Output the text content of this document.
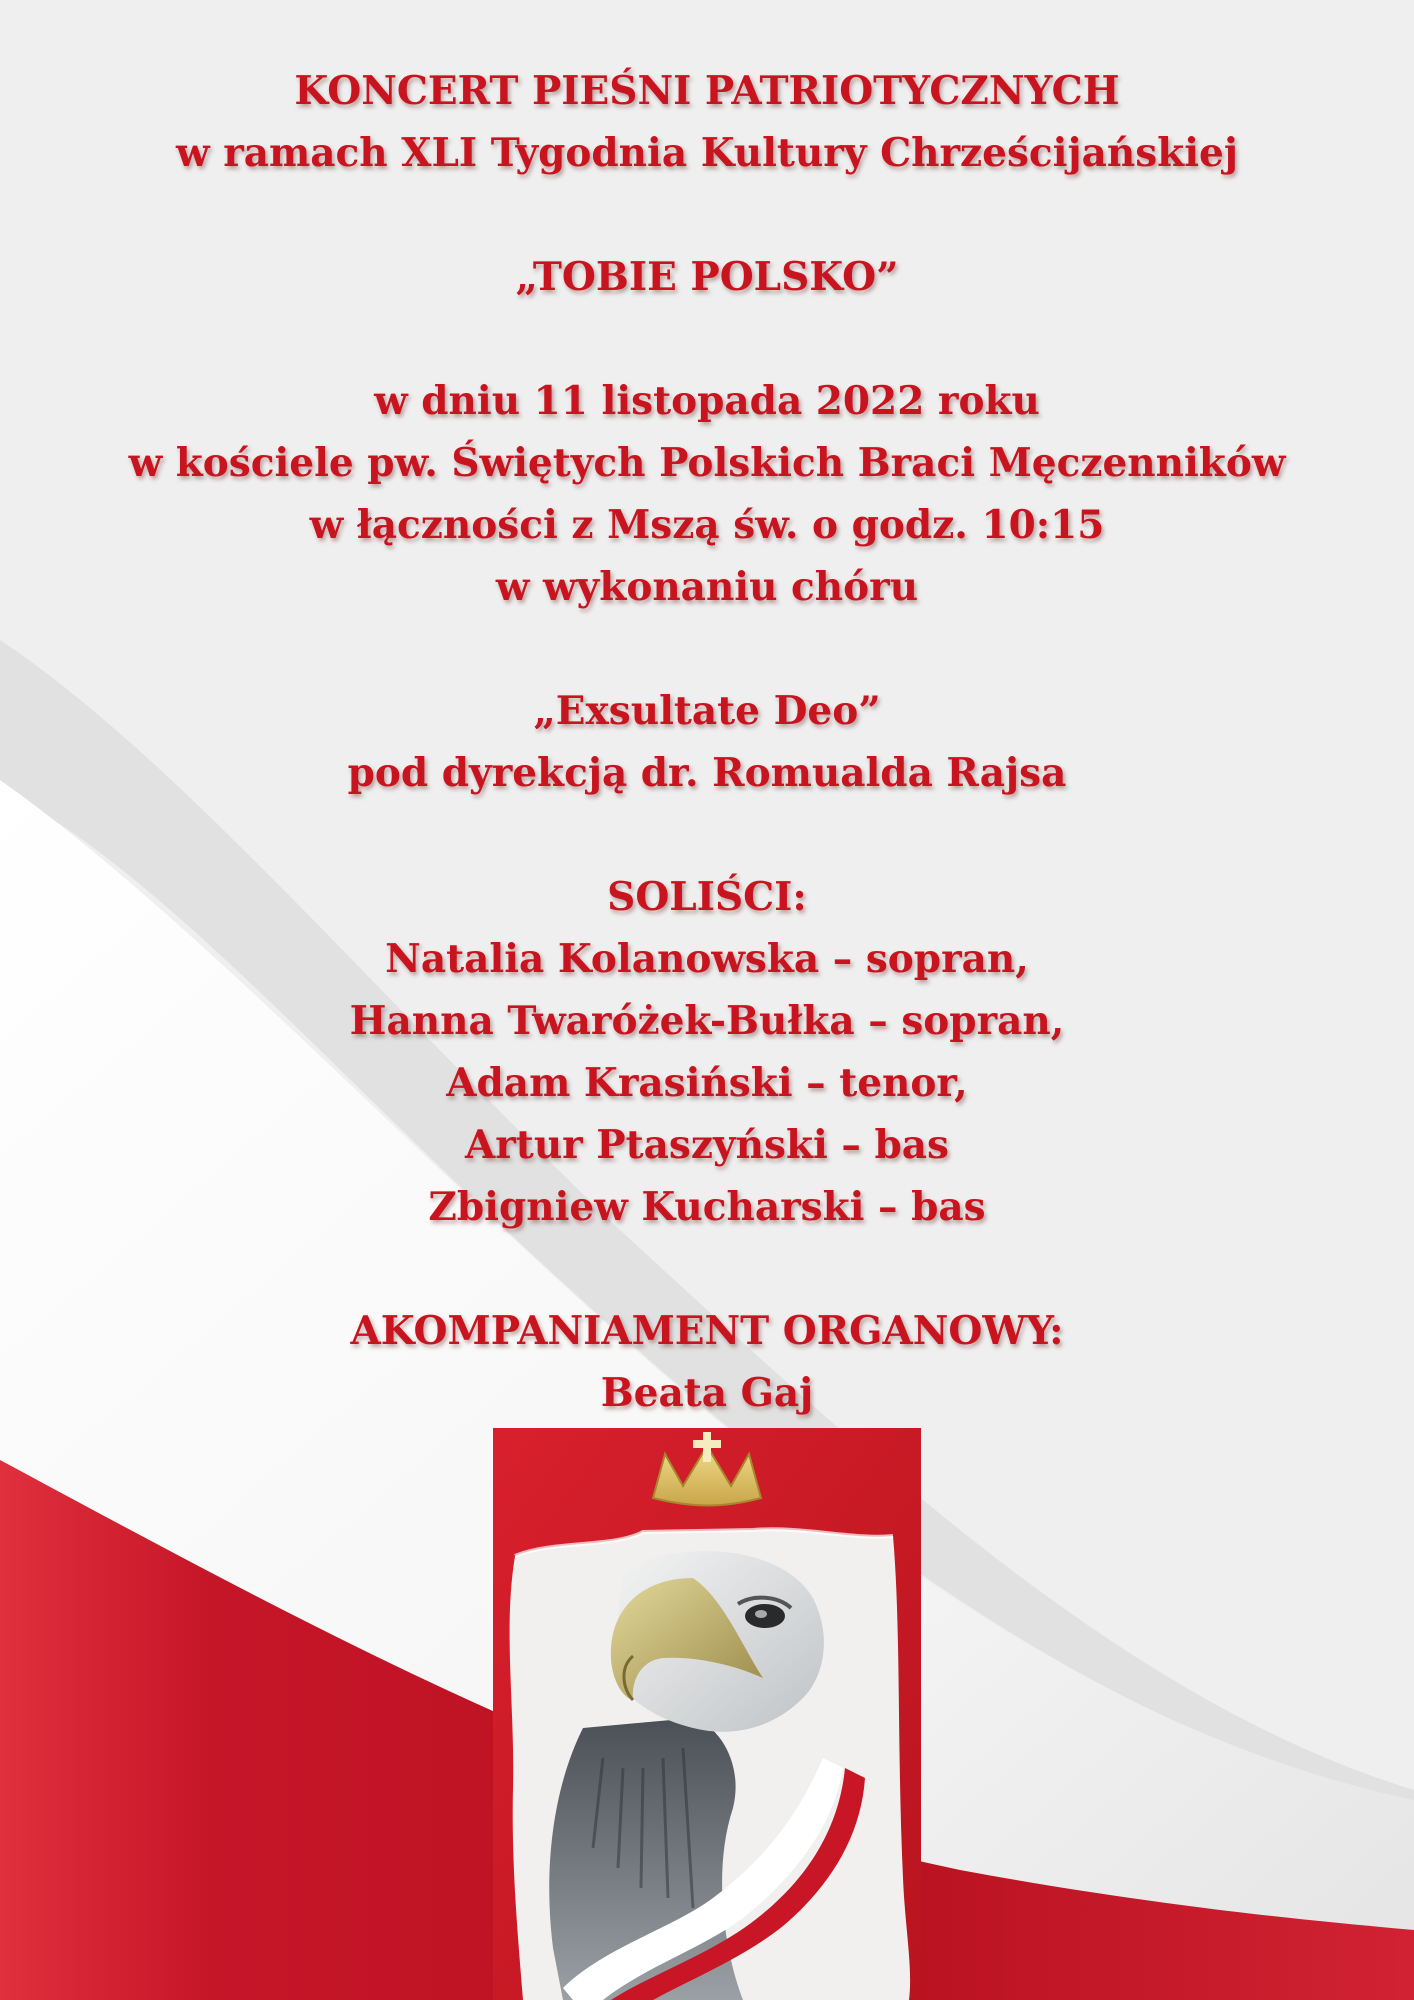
KONCERT PIEŚNI PATRIOTYCZNYCH
w ramach XLI Tygodnia Kultury Chrześcijańskiej
„TOBIE POLSKO”
w dniu 11 listopada 2022 roku
w kościele pw. Świętych Polskich Braci Męczenników
w łączności z Mszą św. o godz. 10:15
w wykonaniu chóru
„Exsultate Deo”
pod dyrekcją dr. Romualda Rajsa
SOLIŚCI:
Natalia Kolanowska – sopran,
Hanna Twaróżek-Bułka – sopran,
Adam Krasiński – tenor,
Artur Ptaszyński – bas
Zbigniew Kucharski – bas
AKOMPANIAMENT ORGANOWY:
Beata Gaj
